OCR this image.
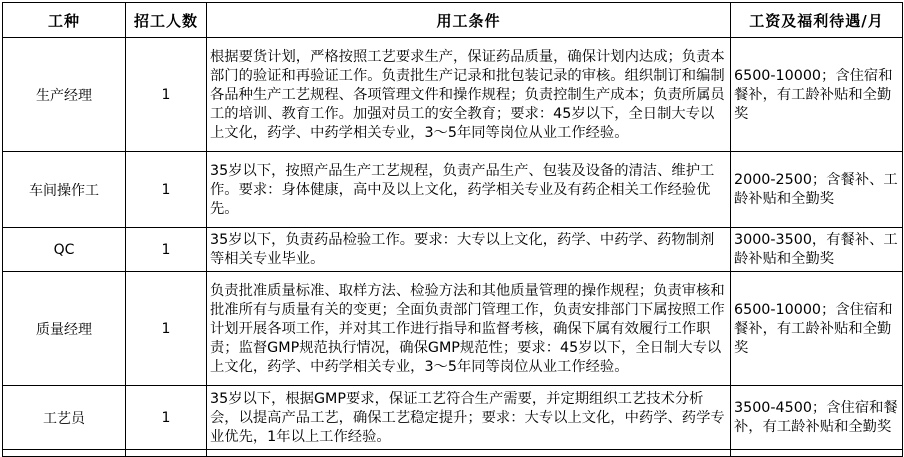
工种	招工人数	用工条件	工资及福利待遇/月
生产经理	1	根据要货计划，严格按照工艺要求生产，保证药品质量，确保计划内达成；负责本部门的验证和再验证工作。负责批生产记录和批包装记录的审核。组织制订和编制各品种生产工艺规程、各项管理文件和操作规程；负责控制生产成本；负责所属员工的培训、教育工作。加强对员工的安全教育；要求：45岁以下，全日制大专以上文化，药学、中药学相关专业，3～5年同等岗位从业工作经验。	6500-10000；含住宿和餐补，有工龄补贴和全勤奖
车间操作工	1	35岁以下，按照产品生产工艺规程，负责产品生产、包装及设备的清洁、维护工作。要求：身体健康，高中及以上文化，药学相关专业及有药企相关工作经验优先。	2000-2500；含餐补、工龄补贴和全勤奖
QC	1	35岁以下，负责药品检验工作。要求：大专以上文化，药学、中药学、药物制剂等相关专业毕业。	3000-3500，有餐补、工龄补贴和全勤奖
质量经理	1	负责批准质量标准、取样方法、检验方法和其他质量管理的操作规程；负责审核和批准所有与质量有关的变更；全面负责部门管理工作，负责安排部门下属按照工作计划开展各项工作，并对其工作进行指导和监督考核，确保下属有效履行工作职责；监督GMP规范执行情况，确保GMP规范性；要求：45岁以下，全日制大专以上文化，药学、中药学相关专业，3～5年同等岗位从业工作经验。	6500-10000；含住宿和餐补，有工龄补贴和全勤奖
工艺员	1	35岁以下，根据GMP要求，保证工艺符合生产需要，并定期组织工艺技术分析会，以提高产品工艺，确保工艺稳定提升；要求：大专以上文化，中药学、药学专业优先，1年以上工作经验。	3500-4500；含住宿和餐补，有工龄补贴和全勤奖
